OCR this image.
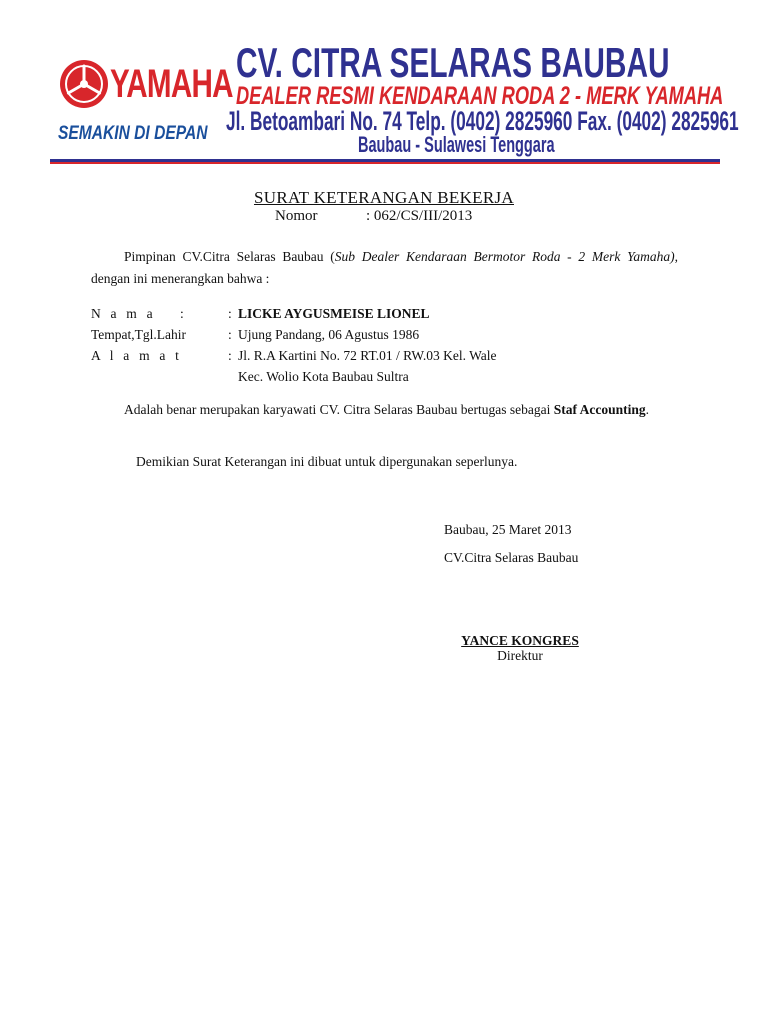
YAMAHA
SEMAKIN DI DEPAN
CV. CITRA SELARAS BAUBAU
DEALER RESMI KENDARAAN RODA 2 - MERK YAMAHA
Jl. Betoambari No. 74 Telp. (0402) 2825960 Fax. (0402) 2825961
Baubau - Sulawesi Tenggara
SURAT KETERANGAN BEKERJA
Nomor	: 062/CS/III/2013
Pimpinan CV.Citra Selaras Baubau (Sub Dealer Kendaraan Bermotor Roda - 2 Merk Yamaha), dengan ini menerangkan bahwa :
N a m a :	: LICKE AYGUSMEISE LIONEL
Tempat,Tgl.Lahir	: Ujung Pandang, 06 Agustus 1986
A l a m a t	: Jl. R.A Kartini No. 72 RT.01 / RW.03 Kel. Wale
Kec. Wolio Kota Baubau Sultra
Adalah benar merupakan karyawati CV. Citra Selaras Baubau bertugas sebagai Staf Accounting.
Demikian Surat Keterangan ini dibuat untuk dipergunakan seperlunya.
Baubau, 25 Maret 2013
CV.Citra Selaras Baubau
YANCE KONGRES
Direktur
